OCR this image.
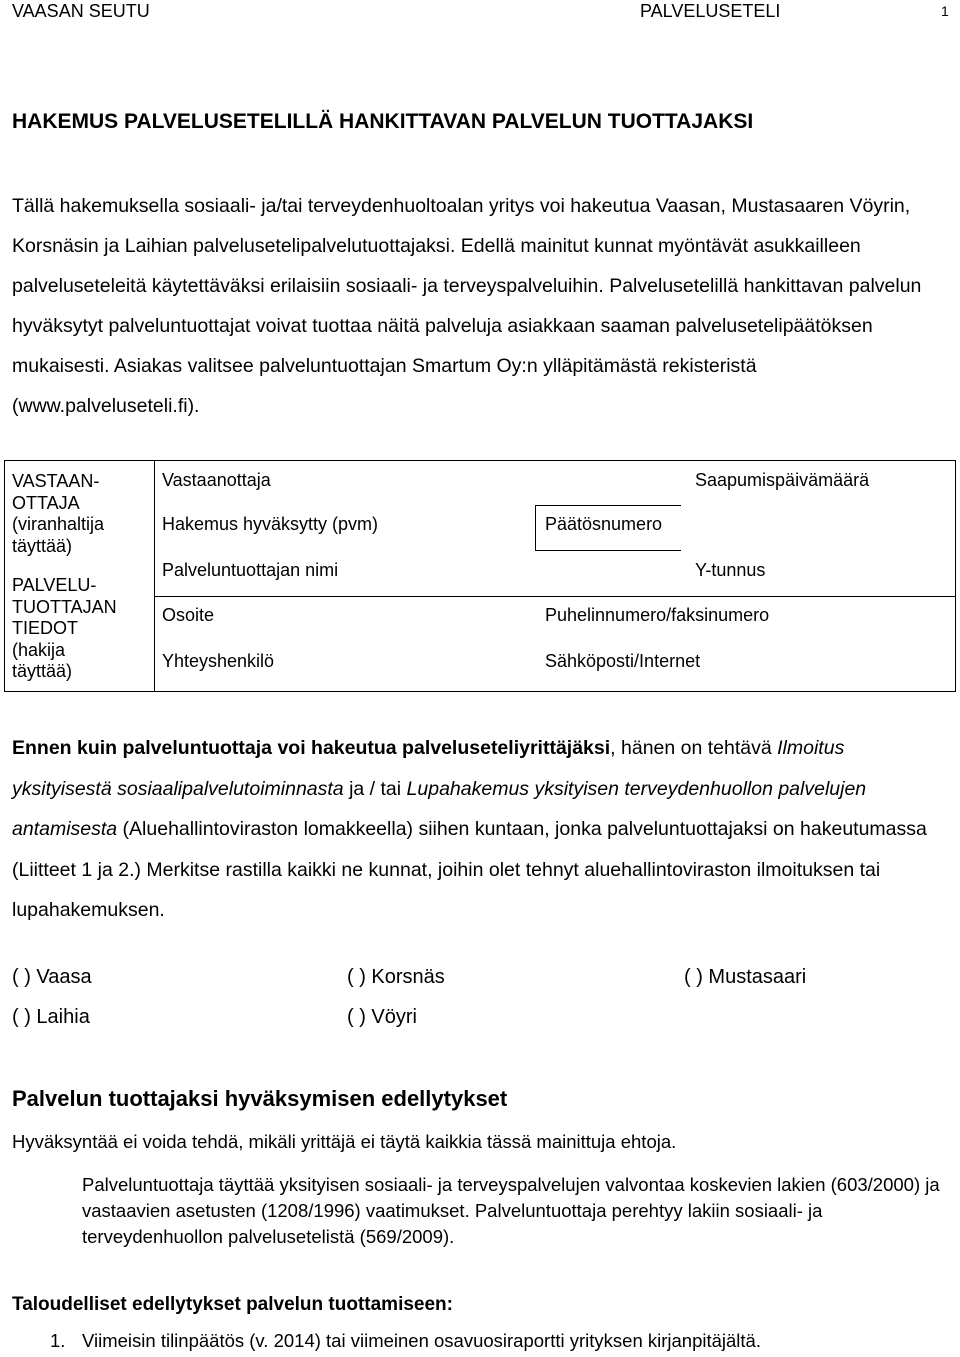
VAASAN SEUTU	PALVELUSETELI	1
HAKEMUS PALVELUSETELILLÄ HANKITTAVAN PALVELUN TUOTTAJAKSI
Tällä hakemuksella sosiaali- ja/tai terveydenhuoltoalan yritys voi hakeutua Vaasan, Mustasaaren Vöyrin, Korsnäsin ja Laihian palvelusetelipalvelutuottajaksi. Edellä mainitut kunnat myöntävät asukkailleen palveluseteleitä käytettäväksi erilaisiin sosiaali- ja terveyspalveluihin. Palvelusetelillä hankittavan palvelun hyväksytyt palveluntuottajat voivat tuottaa näitä palveluja asiakkaan saaman palvelusetelipäätöksen mukaisesti. Asiakas valitsee palveluntuottajan Smartum Oy:n ylläpitämästä rekisteristä (www.palveluseteli.fi).
VASTAAN-
OTTAJA
(viranhaltija
täyttää)
PALVELU-
TUOTTAJAN
TIEDOT
(hakija
täyttää)

Vastaanottaja	Saapumispäivämäärä
Hakemus hyväksytty (pvm)	Päätösnumero
Palveluntuottajan nimi	Y-tunnus
Osoite	Puhelinnumero/faksinumero
Yhteyshenkilö	Sähköposti/Internet
Ennen kuin palveluntuottaja voi hakeutua palveluseteliyrittäjäksi, hänen on tehtävä Ilmoitus yksityisestä sosiaalipalvelutoiminnasta ja / tai Lupahakemus yksityisen terveydenhuollon palvelujen antamisesta (Aluehallintoviraston lomakkeella) siihen kuntaan, jonka palveluntuottajaksi on hakeutumassa (Liitteet 1 ja 2.) Merkitse rastilla kaikki ne kunnat, joihin olet tehnyt aluehallintoviraston ilmoituksen tai lupahakemuksen.
( ) Vaasa	( ) Korsnäs	( ) Mustasaari
( ) Laihia	( ) Vöyri
Palvelun tuottajaksi hyväksymisen edellytykset
Hyväksyntää ei voida tehdä, mikäli yrittäjä ei täytä kaikkia tässä mainittuja ehtoja.
Palveluntuottaja täyttää yksityisen sosiaali- ja terveyspalvelujen valvontaa koskevien lakien (603/2000) ja vastaavien asetusten (1208/1996) vaatimukset. Palveluntuottaja perehtyy lakiin sosiaali- ja terveydenhuollon palvelusetelistä (569/2009).
Taloudelliset edellytykset palvelun tuottamiseen:
1. Viimeisin tilinpäätös (v. 2014) tai viimeinen osavuosiraportti yrityksen kirjanpitäjältä.
